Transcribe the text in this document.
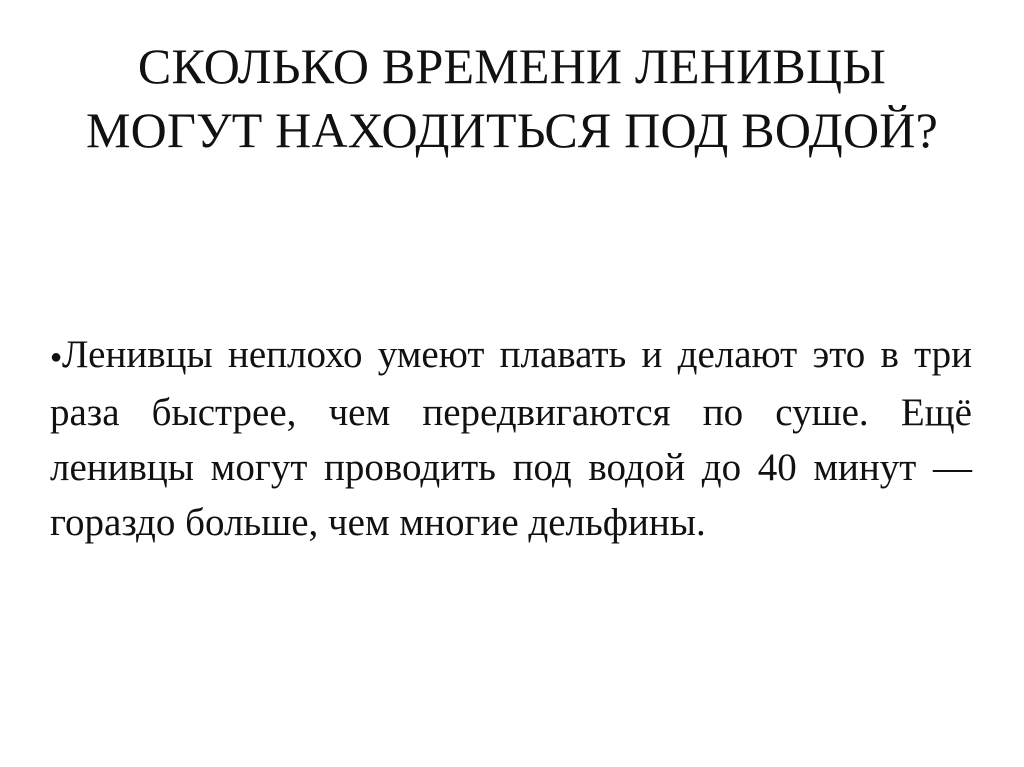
СКОЛЬКО ВРЕМЕНИ ЛЕНИВЦЫ МОГУТ НАХОДИТЬСЯ ПОД ВОДОЙ?
●Ленивцы неплохо умеют плавать и делают это в три раза быстрее, чем передвигаются по суше. Ещё ленивцы могут проводить под водой до 40 минут — гораздо больше, чем многие дельфины.
